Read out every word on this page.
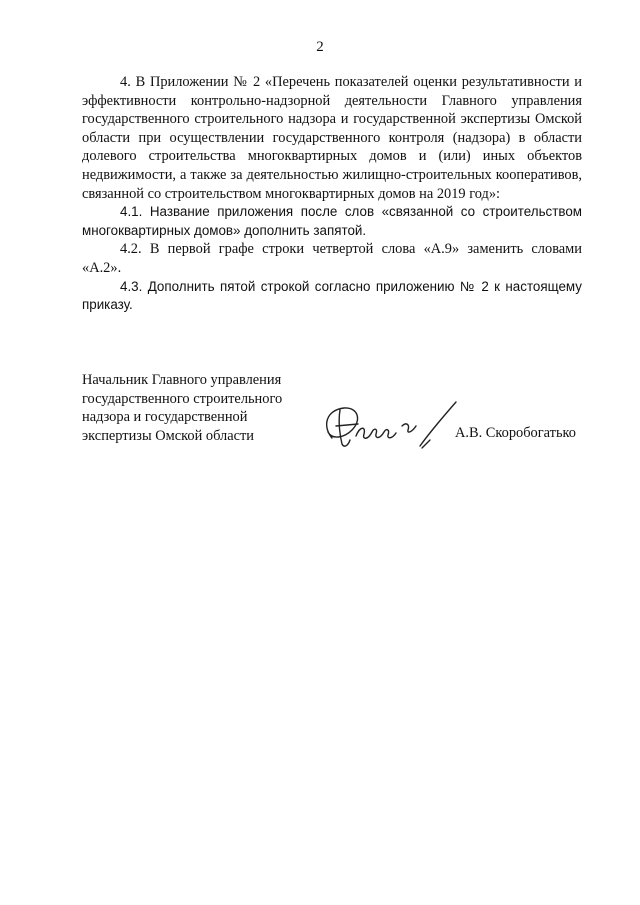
2

4. В Приложении № 2 «Перечень показателей оценки результативности и эффективности контрольно-надзорной деятельности Главного управления государственного строительного надзора и государственной экспертизы Омской области при осуществлении государственного контроля (надзора) в области долевого строительства многоквартирных домов и (или) иных объектов недвижимости, а также за деятельностью жилищно-строительных кооперативов, связанной со строительством многоквартирных домов на 2019 год»:

4.1. Название приложения после слов «связанной со строительством многоквартирных домов» дополнить запятой.

4.2. В первой графе строки четвертой слова «А.9» заменить словами «А.2».

4.3. Дополнить пятой строкой согласно приложению № 2 к настоящему приказу.

Начальник Главного управления
государственного строительного
надзора и государственной
экспертизы Омской области	А.В. Скоробогатько
